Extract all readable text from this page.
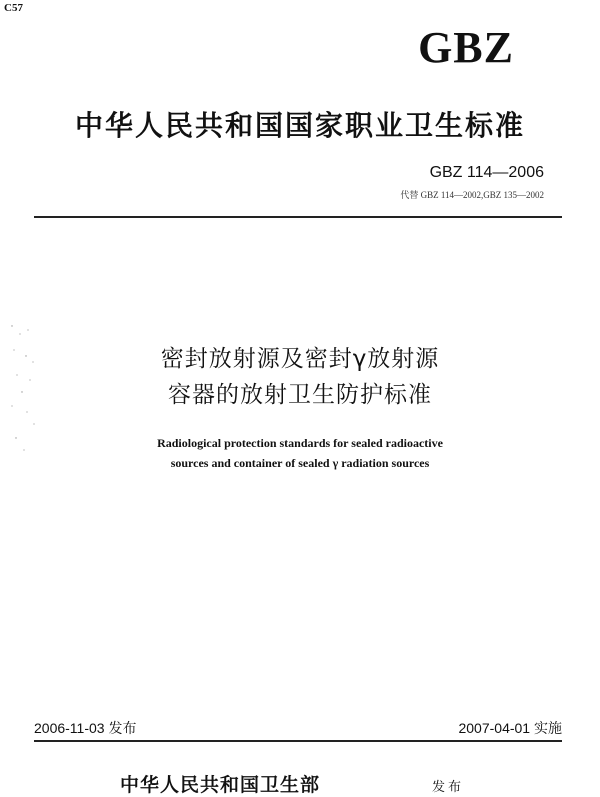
C57
GBZ
中华人民共和国国家职业卫生标准
GBZ 114—2006
代替 GBZ 114—2002,GBZ 135—2002
密封放射源及密封γ放射源
容器的放射卫生防护标准
Radiological protection standards for sealed radioactive
sources and container of sealed γ radiation sources
2006-11-03 发布	2007-04-01 实施
中华人民共和国卫生部	发布
